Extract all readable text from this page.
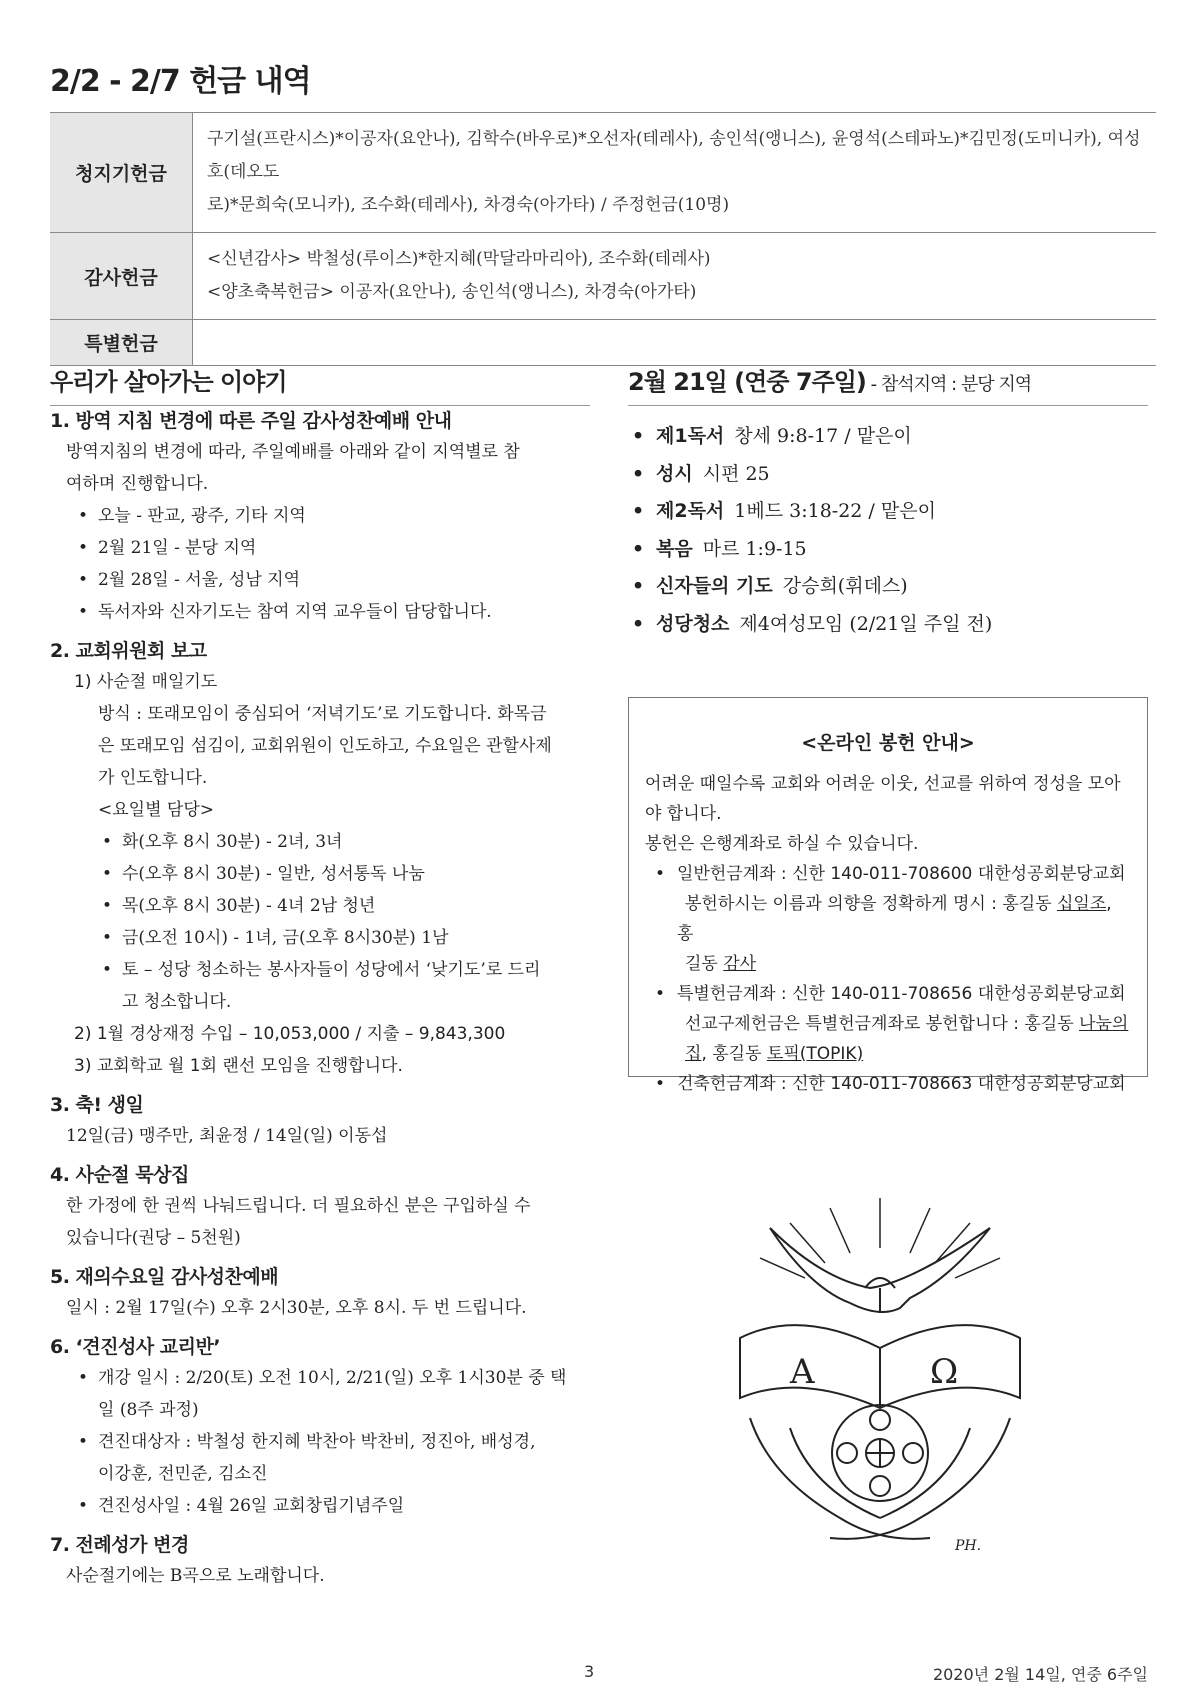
2/2 - 2/7 헌금 내역
청지기헌금	구기설(프란시스)*이공자(요안나), 김학수(바우로)*오선자(테레사), 송인석(앵니스), 윤영석(스테파노)*김민정(도미니카), 여성호(데오도
로)*문희숙(모니카), 조수화(테레사), 차경숙(아가타) / 주정헌금(10명)

감사헌금	<신년감사> 박철성(루이스)*한지혜(막달라마리아), 조수화(테레사)
<양초축복헌금> 이공자(요안나), 송인석(앵니스), 차경숙(아가타)

특별헌금	
우리가 살아가는 이야기
1. 방역 지침 변경에 따른 주일 감사성찬예배 안내
방역지침의 변경에 따라, 주일예배를 아래와 같이 지역별로 참
여하며 진행합니다.
• 오늘 - 판교, 광주, 기타 지역
• 2월 21일 - 분당 지역
• 2월 28일 - 서울, 성남 지역
• 독서자와 신자기도는 참여 지역 교우들이 담당합니다.
2. 교회위원회 보고
1) 사순절 매일기도
방식 : 또래모임이 중심되어 ‘저녁기도’로 기도합니다. 화목금
은 또래모임 섬김이, 교회위원이 인도하고, 수요일은 관할사제
가 인도합니다.
<요일별 담당>
• 화(오후 8시 30분) - 2녀, 3녀
• 수(오후 8시 30분) - 일반, 성서통독 나눔
• 목(오후 8시 30분) - 4녀 2남 청년
• 금(오전 10시) - 1녀, 금(오후 8시30분) 1남
• 토 – 성당 청소하는 봉사자들이 성당에서 ‘낮기도’로 드리
고 청소합니다.
2) 1월 경상재정 수입 – 10,053,000 / 지출 – 9,843,300
3) 교회학교 월 1회 랜선 모임을 진행합니다.
3. 축! 생일
12일(금) 맹주만, 최윤정 / 14일(일) 이동섭
4. 사순절 묵상집
한 가정에 한 권씩 나눠드립니다. 더 필요하신 분은 구입하실 수
있습니다(권당 – 5천원)
5. 재의수요일 감사성찬예배
일시 : 2월 17일(수) 오후 2시30분, 오후 8시. 두 번 드립니다.
6. ‘견진성사 교리반’
• 개강 일시 : 2/20(토) 오전 10시, 2/21(일) 오후 1시30분 중 택
일 (8주 과정)
• 견진대상자 : 박철성 한지혜 박찬아 박찬비, 정진아, 배성경,
이강훈, 전민준, 김소진
• 견진성사일 : 4월 26일 교회창립기념주일
7. 전례성가 변경
사순절기에는 B곡으로 노래합니다.
2월 21일 (연중 7주일) - 참석지역 : 분당 지역
• 제1독서 창세 9:8-17 / 맡은이
• 성시 시편 25
• 제2독서 1베드 3:18-22 / 맡은이
• 복음 마르 1:9-15
• 신자들의 기도 강승희(휘데스)
• 성당청소 제4여성모임 (2/21일 주일 전)
<온라인 봉헌 안내>

어려운 때일수록 교회와 어려운 이웃, 선교를 위하여 정성을 모아

야 합니다.

봉헌은 은행계좌로 하실 수 있습니다.

• 일반헌금계좌 : 신한 140-011-708600 대한성공회분당교회
봉헌하시는 이름과 의향을 정확하게 명시 : 홍길동 십일조, 홍
길동 감사
• 특별헌금계좌 : 신한 140-011-708656 대한성공회분당교회
선교구제헌금은 특별헌금계좌로 봉헌합니다 : 홍길동 나눔의
집, 홍길동 토픽(TOPIK)
• 건축헌금계좌 : 신한 140-011-708663 대한성공회분당교회
A	Ω
PH.
3	2020년 2월 14일, 연중 6주일
